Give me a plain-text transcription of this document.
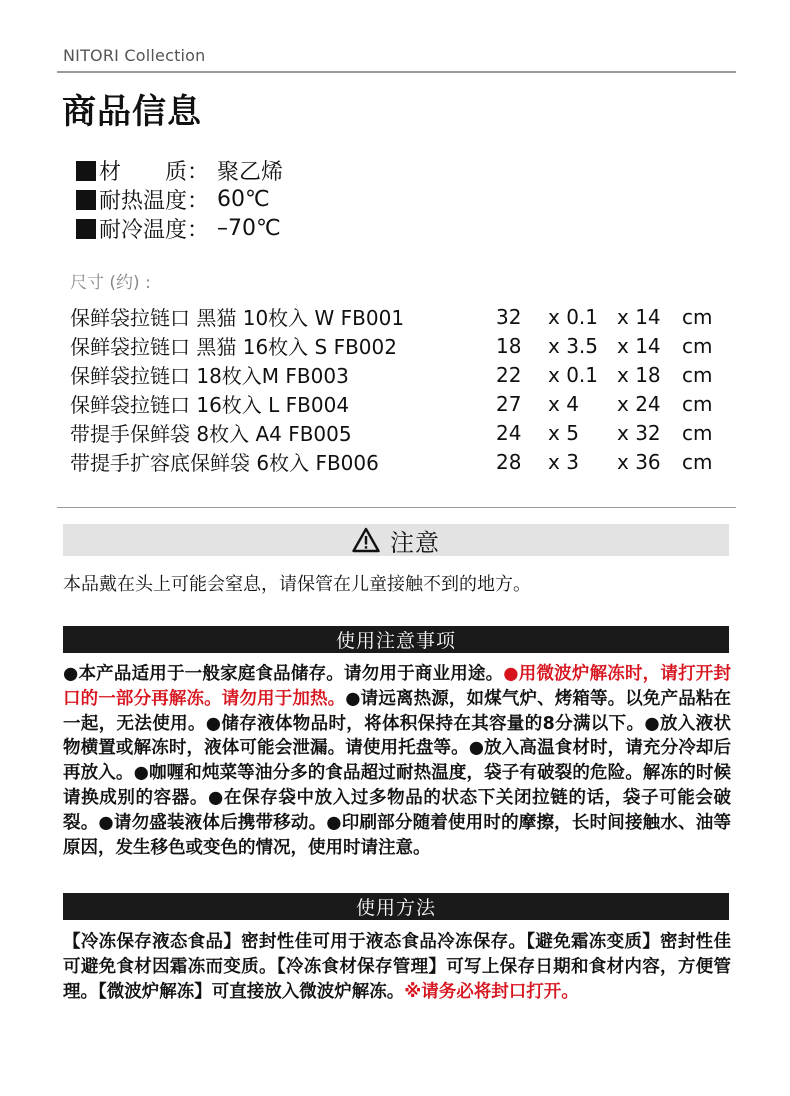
NITORI Collection
商品信息
材　　质： 聚乙烯
耐热温度： 60℃
耐冷温度： –70℃
尺寸 (约) :
保鲜袋拉链口 黑猫 10枚入 W FB001	32	x 0.1 x 14	cm
保鲜袋拉链口 黑猫 16枚入 S FB002	18	x 3.5 x 14	cm
保鲜袋拉链口 18枚入M FB003	22	x 0.1 x 18	cm
保鲜袋拉链口 16枚入 L FB004	27	x 4	x 24	cm
带提手保鲜袋 8枚入 A4 FB005	24	x 5	x 32	cm
带提手扩容底保鲜袋 6枚入 FB006	28	x 3	x 36	cm
注意
本品戴在头上可能会窒息，请保管在儿童接触不到的地方。
使用注意事项

●本产品适用于一般家庭食品储存。请勿用于商业用途。●用微波炉解冻时，请打开封口的一部分再解冻。请勿用于加热。●请远离热源，如煤气炉、烤箱等。以免产品粘在一起，无法使用。●储存液体物品时，将体积保持在其容量的8分满以下。●放入液状物横置或解冻时，液体可能会泄漏。请使用托盘等。●放入高温食材时，请充分冷却后再放入。●咖喱和炖菜等油分多的食品超过耐热温度，袋子有破裂的危险。解冻的时候请换成别的容器。●在保存袋中放入过多物品的状态下关闭拉链的话，袋子可能会破裂。●请勿盛装液体后携带移动。●印刷部分随着使用时的摩擦，长时间接触水、油等原因，发生移色或变色的情况，使用时请注意。

使用方法

【冷冻保存液态食品】密封性佳可用于液态食品冷冻保存。【避免霜冻变质】密封性佳可避免食材因霜冻而变质。【冷冻食材保存管理】可写上保存日期和食材内容，方便管理。【微波炉解冻】可直接放入微波炉解冻。※请务必将封口打开。
